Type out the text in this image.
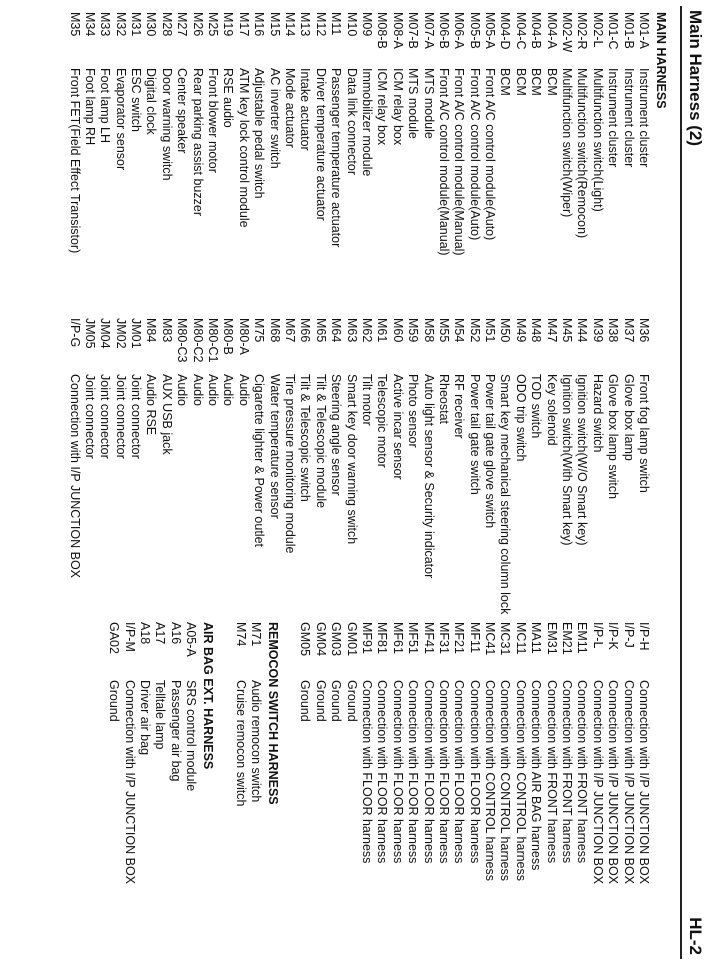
Main Harness (2)
HL-2
MAIN HARNESS
M01-AInstrument cluster
M01-BInstrument cluster
M01-CInstrument cluster
M02-LMultifunction switch(Light)
M02-RMultifunction switch(Remocon)
M02-WMultifunction switch(Wiper)
M04-ABCM
M04-BBCM
M04-CBCM
M04-DBCM
M05-AFront A/C control module(Auto)
M05-BFront A/C control module(Auto)
M06-AFront A/C control module(Manual)
M06-BFront A/C control module(Manual)
M07-AMTS module
M07-BMTS module
M08-AICM relay box
M08-BICM relay box
M09Immobilizer module
M10Data link connector
M11Passenger temperature actuator
M12Driver temperature actuator
M13Intake actuator
M14Mode actuator
M15AC inverter switch
M16Adjustable pedal switch
M17ATM key lock control module
M19RSE audio
M25Front blower motor
M26Rear parking assist buzzer
M27Center speaker
M28Door warning switch
M30Digital clock
M31ESC switch
M32Evaporator sensor
M33Foot lamp LH
M34Foot lamp RH
M35Front FET(Field Effect Transistor)
M36Front fog lamp switch
M37Glove box lamp
M38Glove box lamp switch
M39Hazard switch
M44Ignition switch(W/O Smart key)
M45Ignition switch(With Smart key)
M47Key solenoid
M48TOD switch
M49ODO trip switch
M50Smart key mechanical steering column lock
M51Power tail gate glove switch
M52Power tail gate switch
M54RF receiver
M55Rheostat
M58Auto light sensor & Security indicator
M59Photo sensor
M60Active incar sensor
M61Telescopic motor
M62Tilt motor
M63Smart key door warning switch
M64Steering angle sensor
M65Tilt & Telescopic module
M66Tilt & Telescopic switch
M67Tire pressure monitoring module
M68Water temperature sensor
M75Cigarette lighter & Power outlet
M80-AAudio
M80-BAudio
M80-C1Audio
M80-C2Audio
M80-C3Audio
M83AUX USB jack
M84Audio RSE
JM01Joint connector
JM02Joint connector
JM04Joint connector
JM05Joint connector
I/P-GConnection with I/P JUNCTION BOX
I/P-HConnection with I/P JUNCTION BOX
I/P-JConnection with I/P JUNCTION BOX
I/P-KConnection with I/P JUNCTION BOX
I/P-LConnection with I/P JUNCTION BOX
EM11Connection with FRONT harness
EM21Connection with FRONT harness
EM31Connection with FRONT harness
MA11Connection with AIR BAG harness
MC11Connection with CONTROL harness
MC31Connection with CONTROL harness
MC41Connection with CONTROL harness
MF11Connection with FLOOR harness
MF21Connection with FLOOR harness
MF31Connection with FLOOR harness
MF41Connection with FLOOR harness
MF51Connection with FLOOR harness
MF61Connection with FLOOR harness
MF81Connection with FLOOR harness
MF91Connection with FLOOR harness
GM01Ground
GM03Ground
GM04Ground
GM05Ground
REMOCON SWITCH HARNESS
M71Audio remocon switch
M74Cruise remocon switch
AIR BAG EXT. HARNESS
A05-ASRS control module
A16Passenger air bag
A17Telltale lamp
A18Driver air bag
I/P-MConnection with I/P JUNCTION BOX
GA02Ground
